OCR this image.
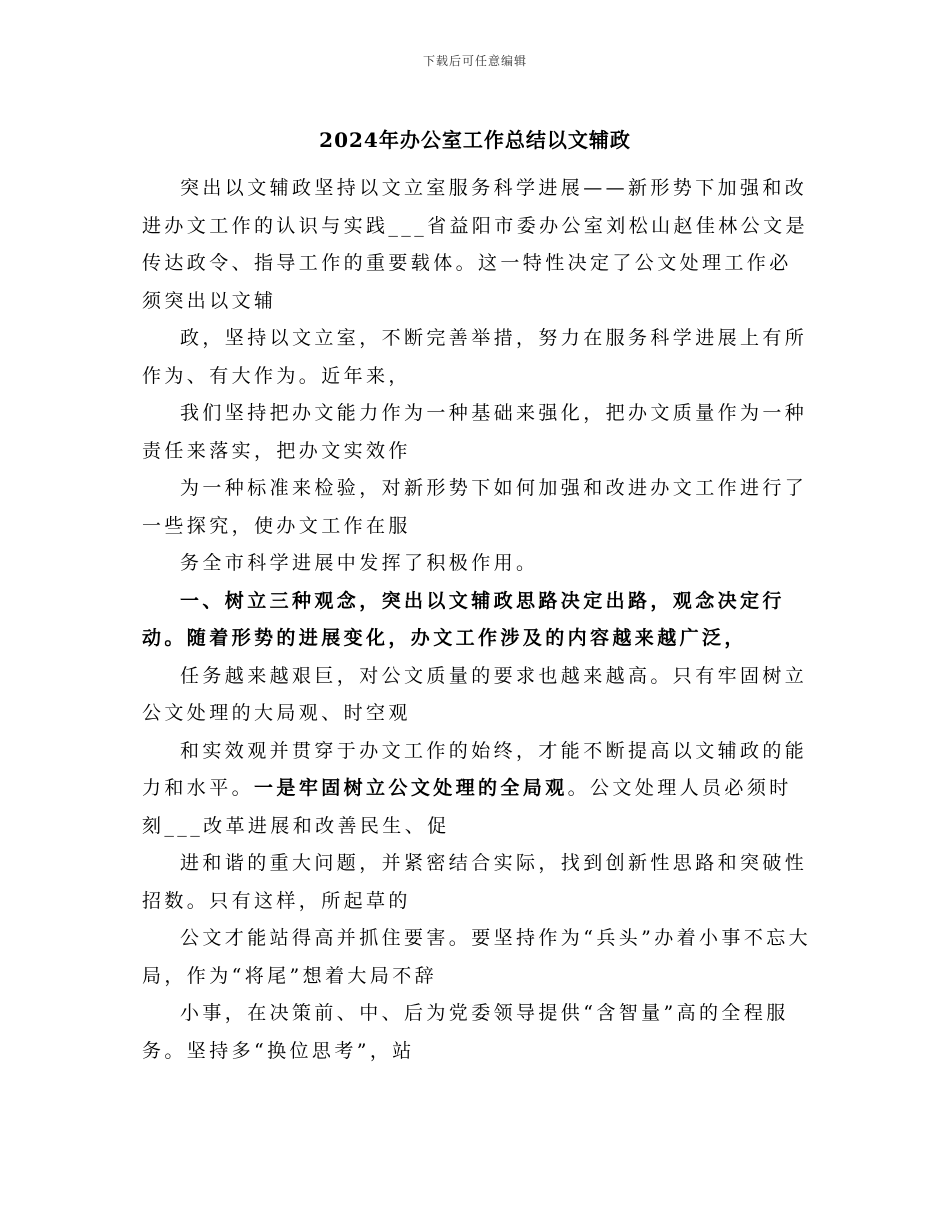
下载后可任意编辑
2024年办公室工作总结以文辅政

突出以文辅政坚持以文立室服务科学进展——新形势下加强和改进办文工作的认识与实践___省益阳市委办公室刘松山赵佳林公文是传达政令、指导工作的重要载体。这一特性决定了公文处理工作必须突出以文辅

政，坚持以文立室，不断完善举措，努力在服务科学进展上有所作为、有大作为。近年来，

我们坚持把办文能力作为一种基础来强化，把办文质量作为一种责任来落实，把办文实效作

为一种标准来检验，对新形势下如何加强和改进办文工作进行了一些探究，使办文工作在服

务全市科学进展中发挥了积极作用。

一、树立三种观念，突出以文辅政思路决定出路，观念决定行动。随着形势的进展变化，办文工作涉及的内容越来越广泛，

任务越来越艰巨，对公文质量的要求也越来越高。只有牢固树立公文处理的大局观、时空观

和实效观并贯穿于办文工作的始终，才能不断提高以文辅政的能力和水平。一是牢固树立公文处理的全局观。公文处理人员必须时刻___改革进展和改善民生、促

进和谐的重大问题，并紧密结合实际，找到创新性思路和突破性招数。只有这样，所起草的

公文才能站得高并抓住要害。要坚持作为“兵头”办着小事不忘大局，作为“将尾”想着大局不辞

小事，在决策前、中、后为党委领导提供“含智量”高的全程服务。坚持多“换位思考”，站
